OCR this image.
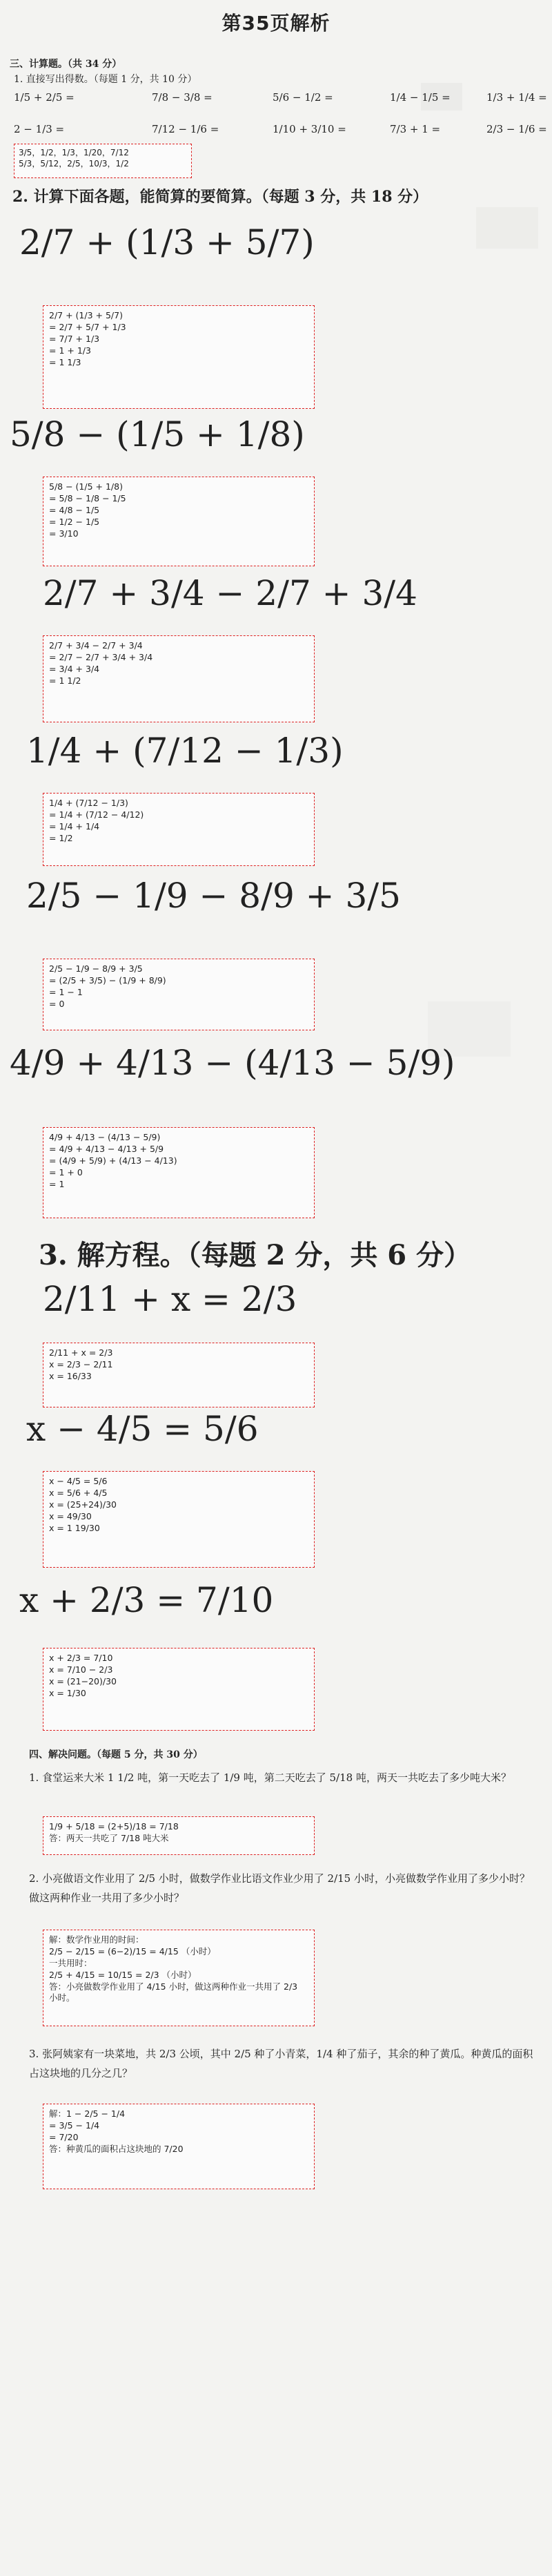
第35页解析
三、计算题。（共 34 分）
1. 直接写出得数。（每题 1 分，共 10 分）
1/5 + 2/5 =	7/8 − 3/8 =	5/6 − 1/2 =	1/4 − 1/5 =	1/3 + 1/4 =
2 − 1/3 =	7/12 − 1/6 =	1/10 + 3/10 =	7/3 + 1 =	2/3 − 1/6 =
3/5，1/2，1/3，1/20，7/12
5/3，5/12，2/5，10/3，1/2
2. 计算下面各题，能简算的要简算。（每题 3 分，共 18 分）
2/7 + (1/3 + 5/7)
2/7 + (1/3 + 5/7)
= 2/7 + 5/7 + 1/3
= 7/7 + 1/3
= 1 + 1/3
= 1 1/3
5/8 − (1/5 + 1/8)
5/8 − (1/5 + 1/8)
= 5/8 − 1/8 − 1/5
= 4/8 − 1/5
= 1/2 − 1/5
= 3/10
2/7 + 3/4 − 2/7 + 3/4
2/7 + 3/4 − 2/7 + 3/4
= 2/7 − 2/7 + 3/4 + 3/4
= 3/4 + 3/4
= 1 1/2
1/4 + (7/12 − 1/3)
1/4 + (7/12 − 1/3)
= 1/4 + (7/12 − 4/12)
= 1/4 + 1/4
= 1/2
2/5 − 1/9 − 8/9 + 3/5
2/5 − 1/9 − 8/9 + 3/5
= (2/5 + 3/5) − (1/9 + 8/9)
= 1 − 1
= 0
4/9 + 4/13 − (4/13 − 5/9)
4/9 + 4/13 − (4/13 − 5/9)
= 4/9 + 4/13 − 4/13 + 5/9
= (4/9 + 5/9) + (4/13 − 4/13)
= 1 + 0
= 1
3. 解方程。（每题 2 分，共 6 分）
2/11 + x = 2/3
2/11 + x = 2/3
x = 2/3 − 2/11
x = 16/33
x − 4/5 = 5/6
x − 4/5 = 5/6
x = 5/6 + 4/5
x = (25+24)/30
x = 49/30
x = 1 19/30
x + 2/3 = 7/10
x + 2/3 = 7/10
x = 7/10 − 2/3
x = (21−20)/30
x = 1/30
四、解决问题。（每题 5 分，共 30 分）
1. 食堂运来大米 1 1/2 吨，第一天吃去了 1/9 吨，第二天吃去了 5/18 吨，两天一共吃去了多少吨大米？
1/9 + 5/18 = (2+5)/18 = 7/18
答：两天一共吃了 7/18 吨大米
2. 小亮做语文作业用了 2/5 小时，做数学作业比语文作业少用了 2/15 小时，小亮做数学作业用了多少小时？做这两种作业一共用了多少小时？
解：数学作业用的时间：
2/5 − 2/15 = (6−2)/15 = 4/15 （小时）
一共用时：
2/5 + 4/15 = 10/15 = 2/3 （小时）
答：小亮做数学作业用了 4/15 小时，做这两种作业一共用了 2/3 小时。
3. 张阿姨家有一块菜地，共 2/3 公顷，其中 2/5 种了小青菜，1/4 种了茄子，其余的种了黄瓜。种黄瓜的面积占这块地的几分之几？
解：1 − 2/5 − 1/4
= 3/5 − 1/4
= 7/20
答：种黄瓜的面积占这块地的 7/20
